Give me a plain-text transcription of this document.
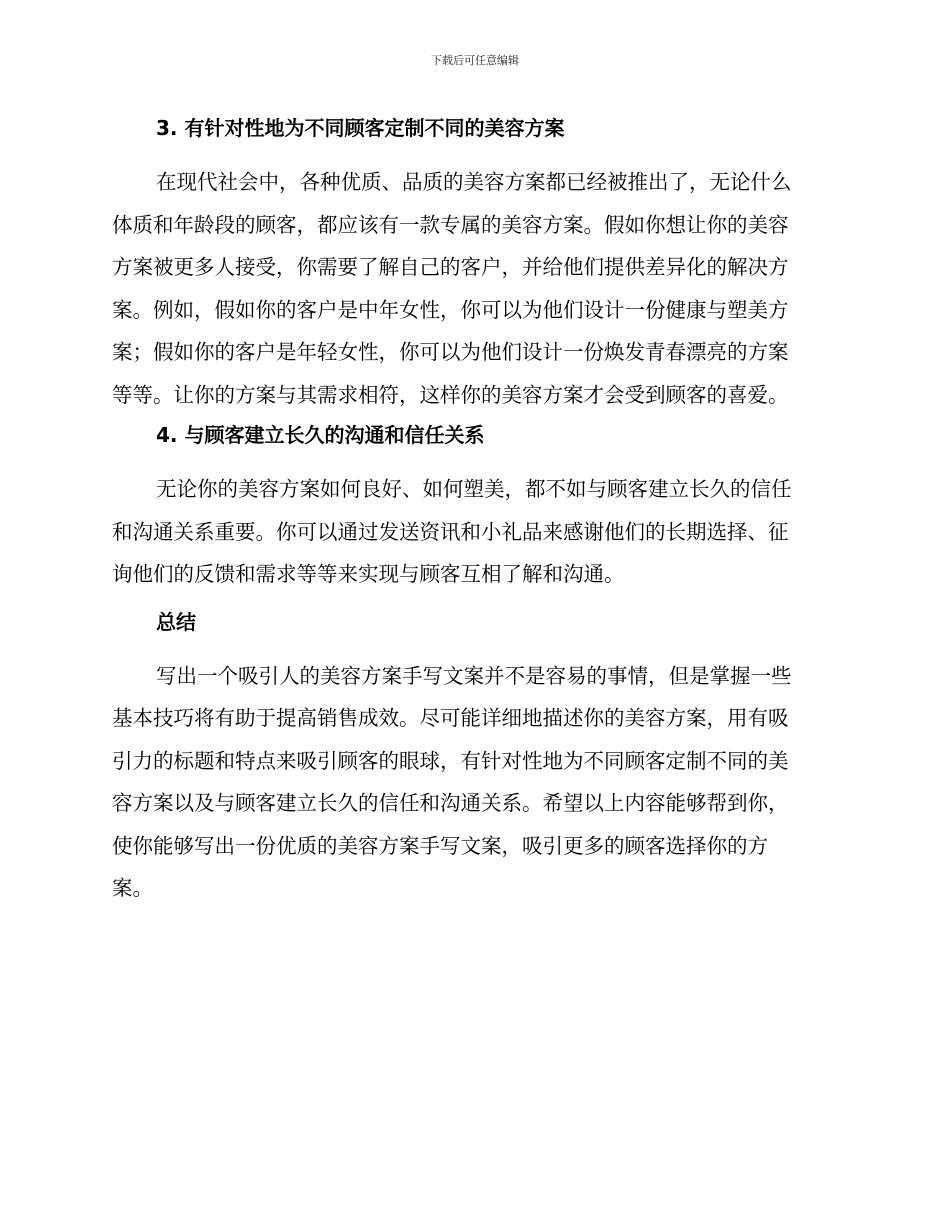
下载后可任意编辑
3. 有针对性地为不同顾客定制不同的美容方案

在现代社会中，各种优质、品质的美容方案都已经被推出了，无论什么
体质和年龄段的顾客，都应该有一款专属的美容方案。假如你想让你的美容
方案被更多人接受，你需要了解自己的客户，并给他们提供差异化的解决方
案。例如，假如你的客户是中年女性，你可以为他们设计一份健康与塑美方
案；假如你的客户是年轻女性，你可以为他们设计一份焕发青春漂亮的方案
等等。让你的方案与其需求相符，这样你的美容方案才会受到顾客的喜爱。

4. 与顾客建立长久的沟通和信任关系

无论你的美容方案如何良好、如何塑美，都不如与顾客建立长久的信任
和沟通关系重要。你可以通过发送资讯和小礼品来感谢他们的长期选择、征
询他们的反馈和需求等等来实现与顾客互相了解和沟通。

总结

写出一个吸引人的美容方案手写文案并不是容易的事情，但是掌握一些
基本技巧将有助于提高销售成效。尽可能详细地描述你的美容方案，用有吸
引力的标题和特点来吸引顾客的眼球，有针对性地为不同顾客定制不同的美
容方案以及与顾客建立长久的信任和沟通关系。希望以上内容能够帮到你，
使你能够写出一份优质的美容方案手写文案，吸引更多的顾客选择你的方
案。
